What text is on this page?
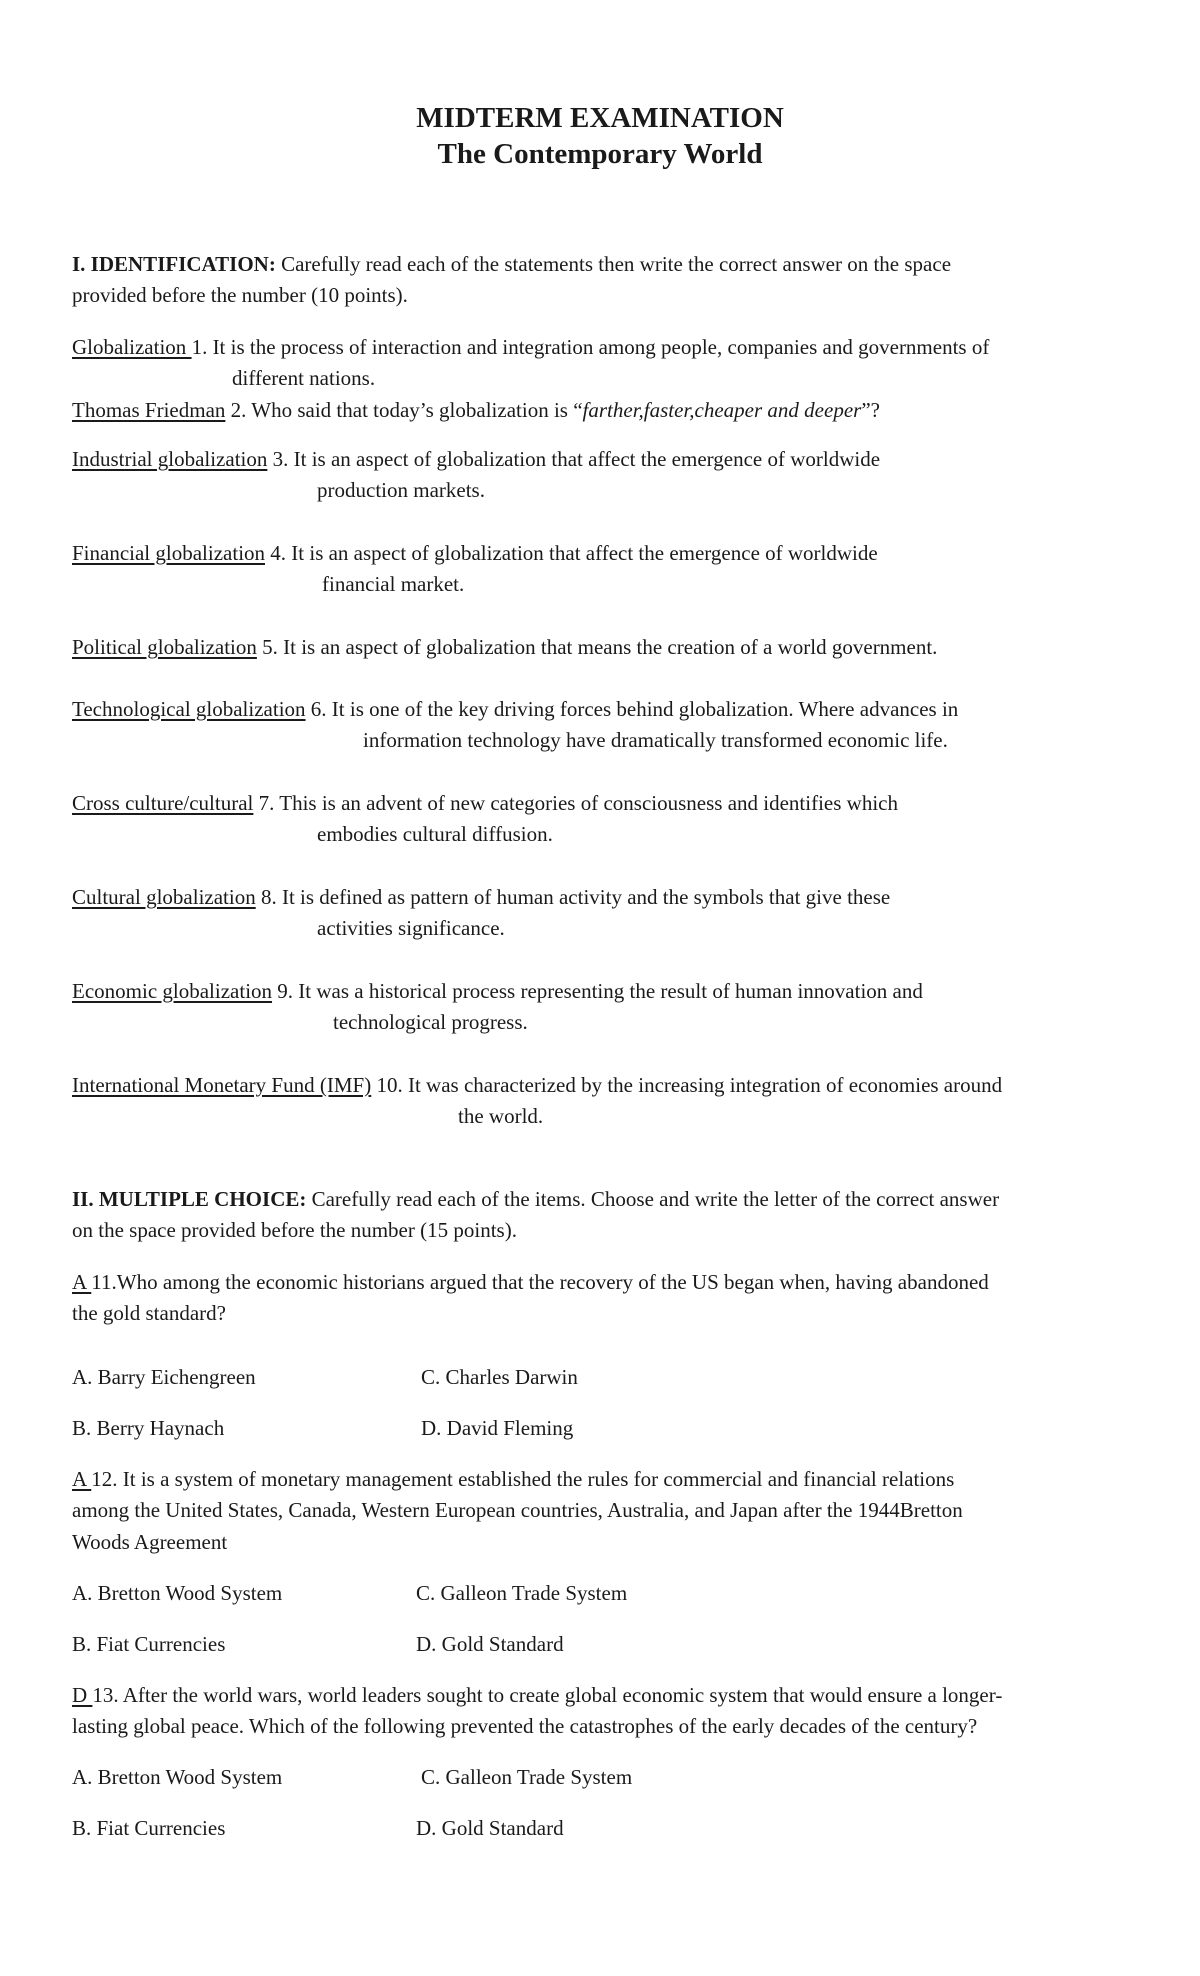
MIDTERM EXAMINATION
The Contemporary World
I. IDENTIFICATION: Carefully read each of the statements then write the correct answer on the space
provided before the number (10 points).
Globalization 1. It is the process of interaction and integration among people, companies and governments of
different nations.
Thomas Friedman 2. Who said that today’s globalization is “farther,faster,cheaper and deeper”?
Industrial globalization 3. It is an aspect of globalization that affect the emergence of worldwide
production markets.
Financial globalization 4. It is an aspect of globalization that affect the emergence of worldwide
financial market.
Political globalization 5. It is an aspect of globalization that means the creation of a world government.
Technological globalization 6. It is one of the key driving forces behind globalization. Where advances in
information technology have dramatically transformed economic life.
Cross culture/cultural 7. This is an advent of new categories of consciousness and identifies which
embodies cultural diffusion.
Cultural globalization 8. It is defined as pattern of human activity and the symbols that give these
activities significance.
Economic globalization 9. It was a historical process representing the result of human innovation and
technological progress.
International Monetary Fund (IMF) 10. It was characterized by the increasing integration of economies around
the world.
II. MULTIPLE CHOICE: Carefully read each of the items. Choose and write the letter of the correct answer
on the space provided before the number (15 points).
A 11.Who among the economic historians argued that the recovery of the US began when, having abandoned
the gold standard?
A. Barry Eichengreen	C. Charles Darwin
B. Berry Haynach	D. David Fleming
A 12. It is a system of monetary management established the rules for commercial and financial relations
among the United States, Canada, Western European countries, Australia, and Japan after the 1944Bretton
Woods Agreement
A. Bretton Wood System	C. Galleon Trade System
B. Fiat Currencies	D. Gold Standard
D 13. After the world wars, world leaders sought to create global economic system that would ensure a longer-
lasting global peace. Which of the following prevented the catastrophes of the early decades of the century?
A. Bretton Wood System	C. Galleon Trade System
B. Fiat Currencies	D. Gold Standard
